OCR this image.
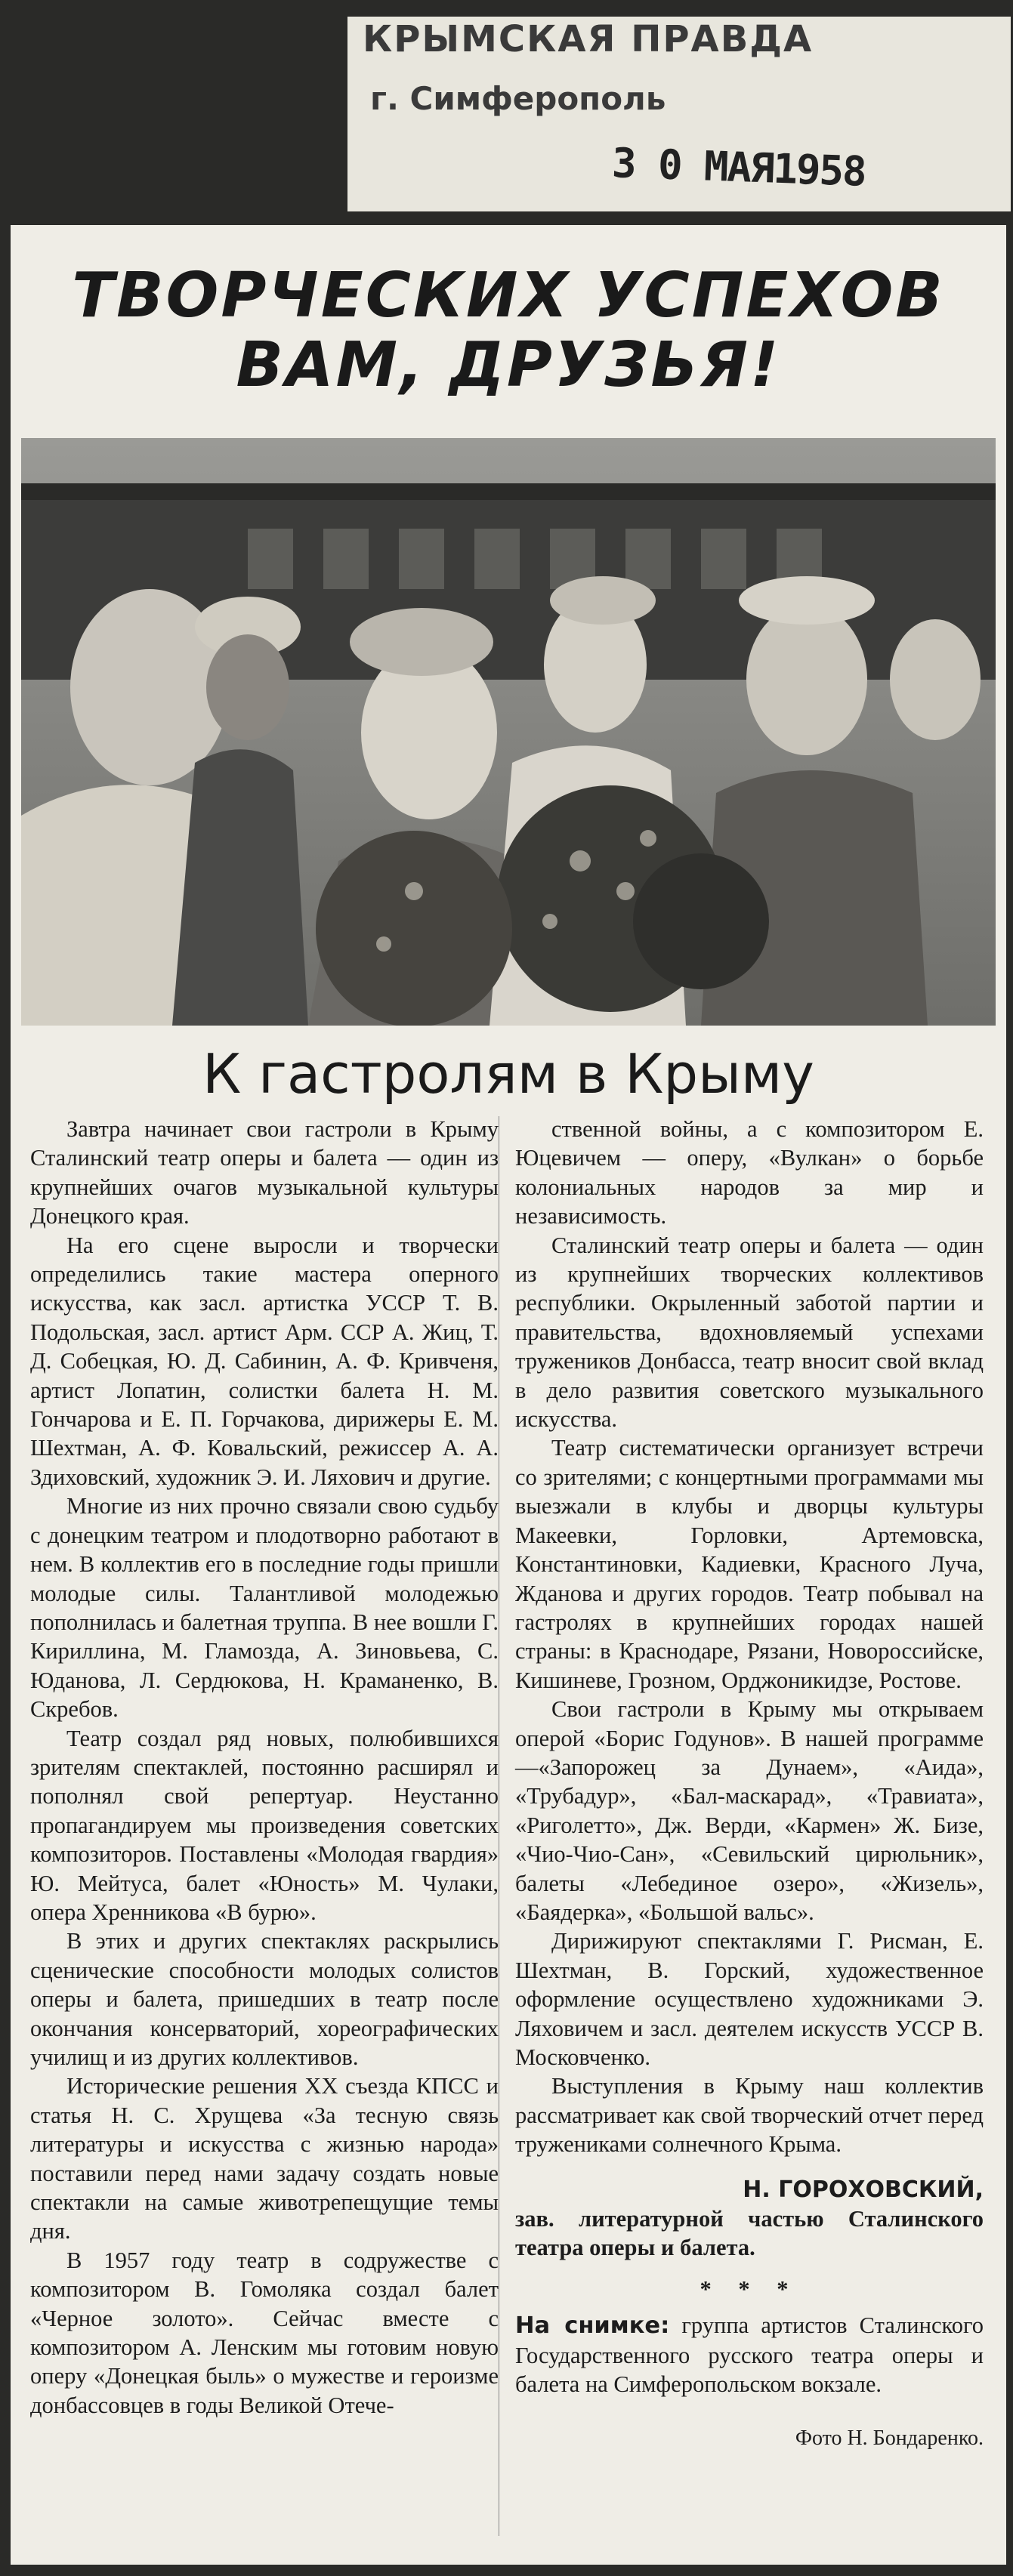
КРЫМСКАЯ ПРАВДА
г. Симферополь
3 0 МАЯ1958
ТВОРЧЕСКИХ УСПЕХОВ
ВАМ, ДРУЗЬЯ!
К гастролям в Крыму

Завтра начинает свои гастроли в Крыму Сталинский театр оперы и балета — один из крупнейших очагов музыкальной культуры Донецкого края.

На его сцене выросли и творчески определились такие мастера оперного искусства, как засл. артистка УССР Т. В. Подольская, засл. артист Арм. ССР А. Жиц, Т. Д. Собецкая, Ю. Д. Сабинин, А. Ф. Кривченя, артист Лопатин, солистки балета Н. М. Гончарова и Е. П. Горчакова, дирижеры Е. М. Шехтман, А. Ф. Ковальский, режиссер А. А. Здиховский, художник Э. И. Ляхович и другие.

Многие из них прочно связали свою судьбу с донецким театром и плодотворно работают в нем. В коллектив его в последние годы пришли молодые силы. Талантливой молодежью пополнилась и балетная труппа. В нее вошли Г. Кириллина, М. Гламозда, А. Зиновьева, С. Юданова, Л. Сердюкова, Н. Краманенко, В. Скребов.

Театр создал ряд новых, полюбившихся зрителям спектаклей, постоянно расширял и пополнял свой репертуар. Неустанно пропагандируем мы произведения советских композиторов. Поставлены «Молодая гвардия» Ю. Мейтуса, балет «Юность» М. Чулаки, опера Хренникова «В бурю».

В этих и других спектаклях раскрылись сценические способности молодых солистов оперы и балета, пришедших в театр после окончания консерваторий, хореографических училищ и из других коллективов.

Исторические решения XX съезда КПСС и статья Н. С. Хрущева «За тесную связь литературы и искусства с жизнью народа» поставили перед нами задачу создать новые спектакли на самые животрепещущие темы дня.

В 1957 году театр в содружестве с композитором В. Гомоляка создал балет «Черное золото». Сейчас вместе с композитором А. Ленским мы готовим новую оперу «Донецкая быль» о мужестве и героизме донбассовцев в годы Великой Отече-

ственной войны, а с композитором Е. Юцевичем — оперу, «Вулкан» о борьбе колониальных народов за мир и независимость.

Сталинский театр оперы и балета — один из крупнейших творческих коллективов республики. Окрыленный заботой партии и правительства, вдохновляемый успехами тружеников Донбасса, театр вносит свой вклад в дело развития советского музыкального искусства.

Театр систематически организует встречи со зрителями; с концертными программами мы выезжали в клубы и дворцы культуры Макеевки, Горловки, Артемовска, Константиновки, Кадиевки, Красного Луча, Жданова и других городов. Театр побывал на гастролях в крупнейших городах нашей страны: в Краснодаре, Рязани, Новороссийске, Кишиневе, Грозном, Орджоникидзе, Ростове.

Свои гастроли в Крыму мы открываем оперой «Борис Годунов». В нашей программе—«Запорожец за Дунаем», «Аида», «Трубадур», «Бал-маскарад», «Травиата», «Риголетто», Дж. Верди, «Кармен» Ж. Бизе, «Чио-Чио-Сан», «Севильский цирюльник», балеты «Лебединое озеро», «Жизель», «Баядерка», «Большой вальс».

Дирижируют спектаклями Г. Рисман, Е. Шехтман, В. Горский, художественное оформление осуществлено художниками Э. Ляховичем и засл. деятелем искусств УССР В. Московченко.

Выступления в Крыму наш коллектив рассматривает как свой творческий отчет перед тружениками солнечного Крыма.

Н. ГОРОХОВСКИЙ,

зав. литературной частью Сталинского театра оперы и балета.

* * *

На снимке: группа артистов Сталинского Государственного русского театра оперы и балета на Симферопольском вокзале.

Фото Н. Бондаренко.
